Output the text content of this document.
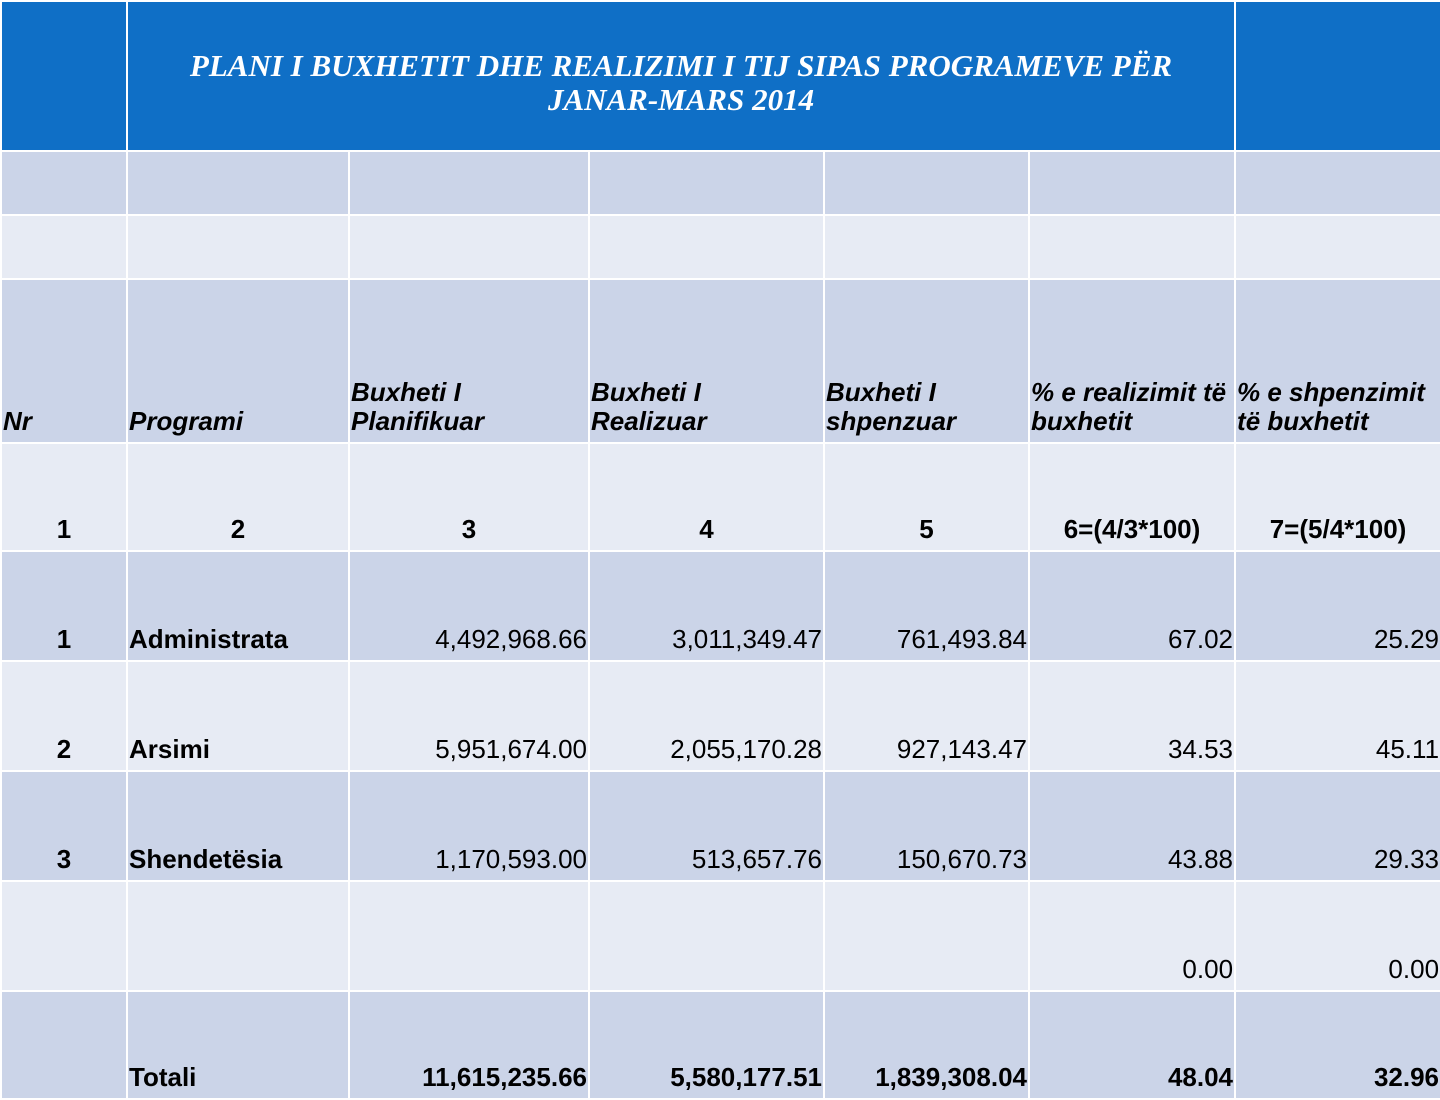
	PLANI I BUXHETIT DHE REALIZIMI I TIJ SIPAS PROGRAMEVE PËR
JANAR-MARS 2014					

Nr	Programi	Buxheti I Planifikuar	Buxheti I Realizuar	Buxheti I shpenzuar	% e realizimit të buxhetit	% e shpenzimit të buxhetit
1	2	3	4	5	6=(4/3*100)	7=(5/4*100)
1	Administrata	4,492,968.66	3,011,349.47	761,493.84	67.02	25.29
2	Arsimi	5,951,674.00	2,055,170.28	927,143.47	34.53	45.11
3	Shendetësia	1,170,593.00	513,657.76	150,670.73	43.88	29.33
					0.00	0.00
	Totali	11,615,235.66	5,580,177.51	1,839,308.04	48.04	32.96
